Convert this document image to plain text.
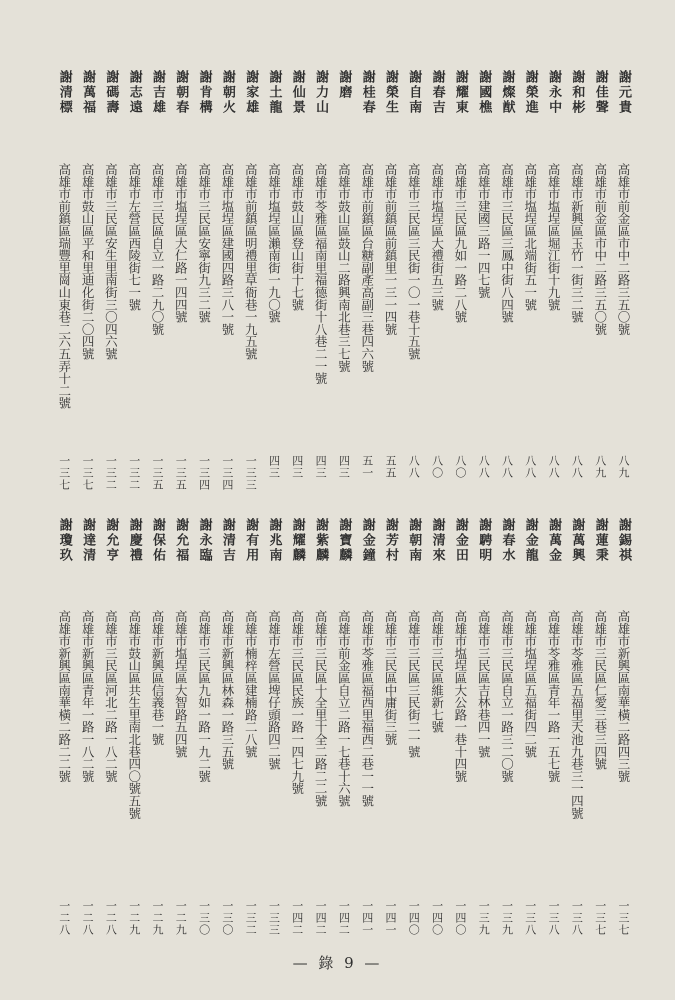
謝元貴
高雄市前金區市中二路三五〇號
八九
謝佳聲
高雄市前金區市中二路三五〇號
八九
謝和彬
高雄市新興區玉竹一街三二號
八八
謝永中
高雄市塩埕區堀江街十九號
八八
謝榮進
高雄市塩埕區北端街五一號
八八
謝燦猷
高雄市三民區三鳳中街八四號
八八
謝國樵
高雄市建國三路一四七號
八八
謝耀東
高雄市三民區九如一路二八號
八〇
謝春吉
高雄市塩埕區大禮街五三號
八〇
謝自南
高雄市三民區三民街一〇一巷十五號
八八
謝榮生
高雄市前鎮區前鎮里一三一四號
五五
謝桂春
高雄市前鎮區台糖副產高副三巷四六號
五一
謝磨
高雄市鼓山區鼓山二路興南北巷三七號
四三
謝力山
高雄市苓雅區福南里福德街十八巷二一號
四三
謝仙景
高雄市鼓山區登山街十七號
四三
謝土龍
高雄市塩埕區瀨南街一九〇號
四三
謝家雄
高雄市前鎮區明禮里草衙巷一九五號
一三三
謝朝火
高雄市塩埕區建國四路三八一號
一三四
謝肯構
高雄市三民區安寧街九三二號
一三四
謝朝春
高雄市塩埕區大仁路一四四號
一三五
謝吉雄
高雄市三民區自立一路二九〇號
一三五
謝志遠
高雄市左營區西陵街七一號
一三二
謝碼壽
高雄市三民區安生里南街三〇四六號
一三二
謝萬福
高雄市鼓山區平和里迪化街二〇四號
一三七
謝清標
高雄市前鎮區瑞豐里崗山東巷二六五弄十二號
一三七
謝錫祺
高雄市新興區南華橫二路四三號
一三七
謝蓮秉
高雄市三民區仁愛三巷三四號
一三七
謝萬興
高雄市苓雅區五福里天池九巷三一四號
一三八
謝萬金
高雄市苓雅區青年一路一五七號
一三八
謝金龍
高雄市塩埕區五福街四二號
一三八
謝春水
高雄市三民區自立一路三二〇號
一三九
謝騁明
高雄市三民區吉林巷四一號
一三九
謝金田
高雄市塩埕區大公路一巷十四號
一四〇
謝清來
高雄市三民區維新七號
一四〇
謝朝南
高雄市三民區三民街二一號
一四〇
謝芳村
高雄市三民區中庸街三號
一四一
謝金鐘
高雄市苓雅區福西里福西二巷一一號
一四一
謝寶麟
高雄市前金區自立二路一七巷十六號
一四二
謝紫麟
高雄市三民區十全里十全二路二二號
一四二
謝耀麟
高雄市三民區民族一路一四七九號
一四二
謝兆南
高雄市左營區埤仔頭路四二號
一三三
謝有用
高雄市楠梓區建楠路二八號
一三二
謝清吉
高雄市新興區林森一路三五號
一三〇
謝永臨
高雄市三民區九如一路一九二號
一三〇
謝允福
高雄市塩埕區大智路五四號
一二九
謝保佑
高雄市新興區信義巷一號
一二九
謝慶禮
高雄市鼓山區共生里南北巷四〇號五號
一二九
謝允亨
高雄市三民區河北二路一八二號
一二八
謝達清
高雄市新興區青年一路一八二號
一二八
謝瓊玖
高雄市新興區南華橫二路二二號
一二八
— 錄 9 —
